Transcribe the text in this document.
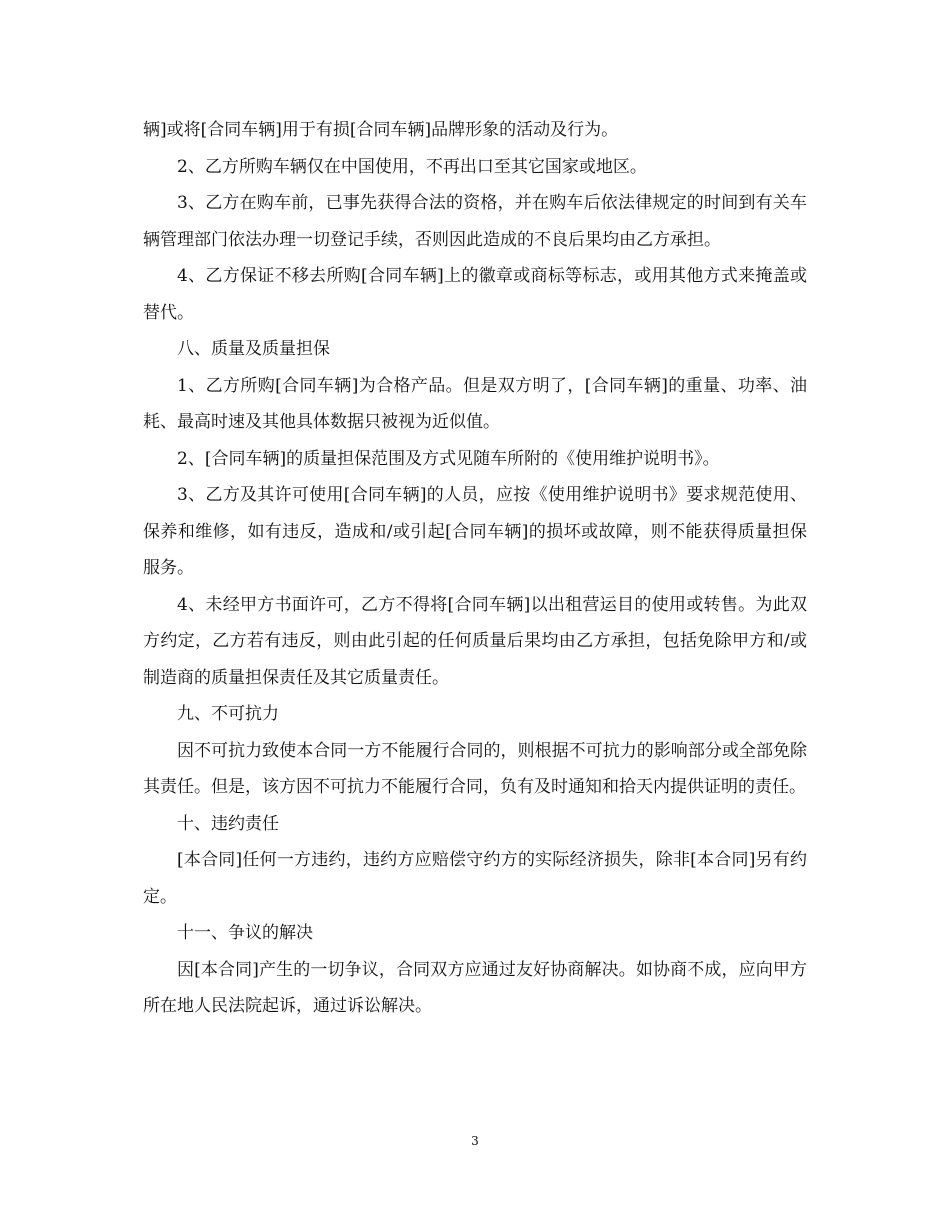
辆]或将[合同车辆]用于有损[合同车辆]品牌形象的活动及行为。

2、乙方所购车辆仅在中国使用，不再出口至其它国家或地区。

3、乙方在购车前，已事先获得合法的资格，并在购车后依法律规定的时间到有关车辆管理部门依法办理一切登记手续，否则因此造成的不良后果均由乙方承担。

4、乙方保证不移去所购[合同车辆]上的徽章或商标等标志，或用其他方式来掩盖或替代。

八、质量及质量担保

1、乙方所购[合同车辆]为合格产品。但是双方明了，[合同车辆]的重量、功率、油耗、最高时速及其他具体数据只被视为近似值。

2、[合同车辆]的质量担保范围及方式见随车所附的《使用维护说明书》。

3、乙方及其许可使用[合同车辆]的人员，应按《使用维护说明书》要求规范使用、保养和维修，如有违反，造成和/或引起[合同车辆]的损坏或故障，则不能获得质量担保服务。

4、未经甲方书面许可，乙方不得将[合同车辆]以出租营运目的使用或转售。为此双方约定，乙方若有违反，则由此引起的任何质量后果均由乙方承担，包括免除甲方和/或制造商的质量担保责任及其它质量责任。

九、不可抗力

因不可抗力致使本合同一方不能履行合同的，则根据不可抗力的影响部分或全部免除其责任。但是，该方因不可抗力不能履行合同，负有及时通知和拾天内提供证明的责任。

十、违约责任

[本合同]任何一方违约，违约方应赔偿守约方的实际经济损失，除非[本合同]另有约定。

十一、争议的解决

因[本合同]产生的一切争议，合同双方应通过友好协商解决。如协商不成，应向甲方所在地人民法院起诉，通过诉讼解决。

3
